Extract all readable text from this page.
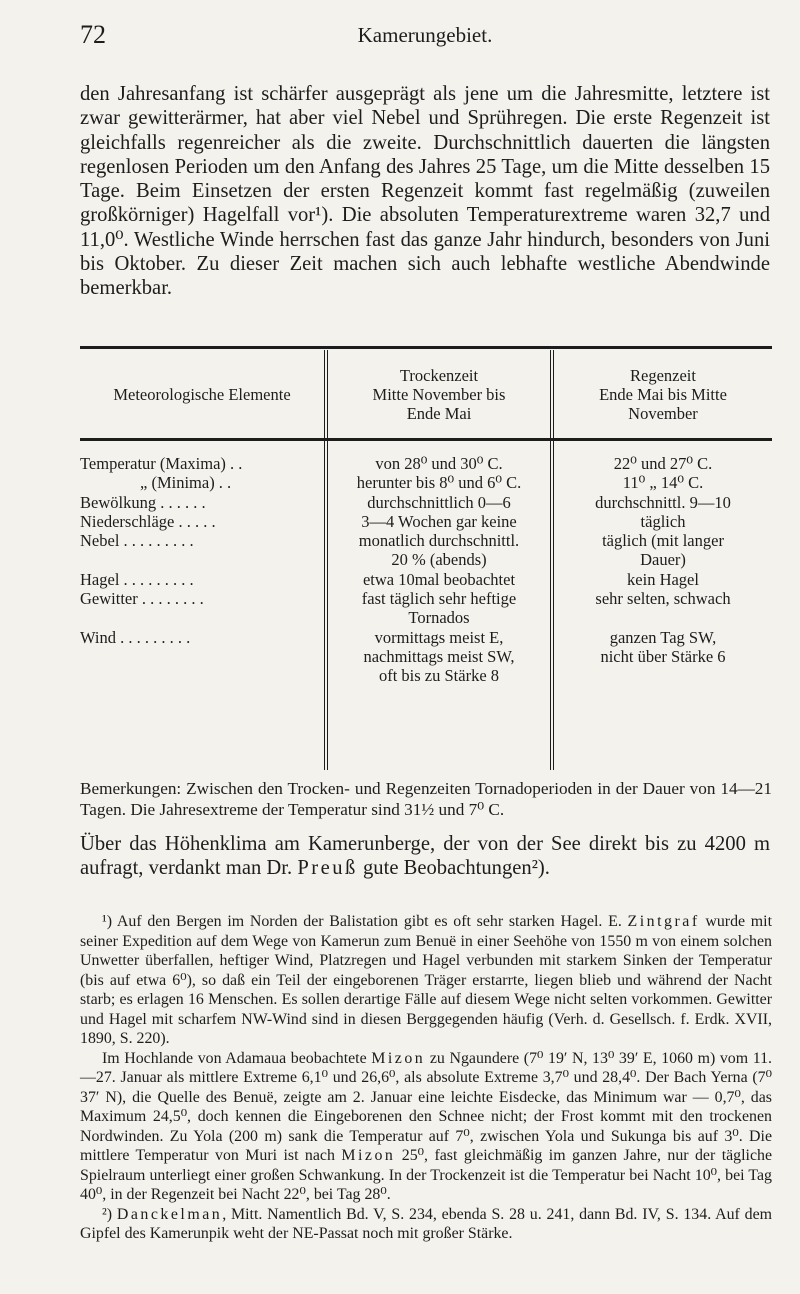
72	Kamerungebiet.

den Jahresanfang ist schärfer ausgeprägt als jene um die Jahresmitte, letztere ist zwar gewitterärmer, hat aber viel Nebel und Sprühregen. Die erste Regenzeit ist gleichfalls regenreicher als die zweite. Durchschnittlich dauerten die längsten regenlosen Perioden um den Anfang des Jahres 25 Tage, um die Mitte desselben 15 Tage. Beim Einsetzen der ersten Regenzeit kommt fast regelmäßig (zuweilen großkörniger) Hagelfall vor¹). Die absoluten Temperaturextreme waren 32,7 und 11,0⁰. Westliche Winde herrschen fast das ganze Jahr hindurch, besonders von Juni bis Oktober. Zu dieser Zeit machen sich auch lebhafte westliche Abendwinde bemerkbar.

Meteorologische Elemente
Trockenzeit
Mitte November bis
Ende Mai
Regenzeit
Ende Mai bis Mitte
November
Temperatur (Maxima) . .
„ (Minima) . .
Bewölkung . . . . . .
Niederschläge . . . . .
Nebel . . . . . . . . .
Hagel . . . . . . . . .
Gewitter . . . . . . . .
Wind . . . . . . . . .
von 28⁰ und 30⁰ C.
herunter bis 8⁰ und 6⁰ C.
durchschnittlich 0—6
3—4 Wochen gar keine
monatlich durchschnittl.
20 % (abends)
etwa 10mal beobachtet
fast täglich sehr heftige
Tornados
vormittags meist E,
nachmittags meist SW,
oft bis zu Stärke 8
22⁰ und 27⁰ C.
11⁰ „ 14⁰ C.
durchschnittl. 9—10
täglich
täglich (mit langer
Dauer)
kein Hagel
sehr selten, schwach
ganzen Tag SW,
nicht über Stärke 6

Bemerkungen: Zwischen den Trocken- und Regenzeiten Tornadoperioden in der Dauer von 14—21 Tagen. Die Jahresextreme der Temperatur sind 31½ und 7⁰ C.

Über das Höhenklima am Kamerunberge, der von der See direkt bis zu 4200 m aufragt, verdankt man Dr. Preuß gute Beobachtungen²).

¹) Auf den Bergen im Norden der Balistation gibt es oft sehr starken Hagel. E. Zintgraf wurde mit seiner Expedition auf dem Wege von Kamerun zum Benuë in einer Seehöhe von 1550 m von einem solchen Unwetter überfallen, heftiger Wind, Platzregen und Hagel verbunden mit starkem Sinken der Temperatur (bis auf etwa 6⁰), so daß ein Teil der eingeborenen Träger erstarrte, liegen blieb und während der Nacht starb; es erlagen 16 Menschen. Es sollen derartige Fälle auf diesem Wege nicht selten vorkommen. Gewitter und Hagel mit scharfem NW-Wind sind in diesen Berggegenden häufig (Verh. d. Gesellsch. f. Erdk. XVII, 1890, S. 220).

Im Hochlande von Adamaua beobachtete Mizon zu Ngaundere (7⁰ 19′ N, 13⁰ 39′ E, 1060 m) vom 11.—27. Januar als mittlere Extreme 6,1⁰ und 26,6⁰, als absolute Extreme 3,7⁰ und 28,4⁰. Der Bach Yerna (7⁰ 37′ N), die Quelle des Benuë, zeigte am 2. Januar eine leichte Eisdecke, das Minimum war — 0,7⁰, das Maximum 24,5⁰, doch kennen die Eingeborenen den Schnee nicht; der Frost kommt mit den trockenen Nordwinden. Zu Yola (200 m) sank die Temperatur auf 7⁰, zwischen Yola und Sukunga bis auf 3⁰. Die mittlere Temperatur von Muri ist nach Mizon 25⁰, fast gleichmäßig im ganzen Jahre, nur der tägliche Spielraum unterliegt einer großen Schwankung. In der Trockenzeit ist die Temperatur bei Nacht 10⁰, bei Tag 40⁰, in der Regenzeit bei Nacht 22⁰, bei Tag 28⁰.

²) Danckelman, Mitt. Namentlich Bd. V, S. 234, ebenda S. 28 u. 241, dann Bd. IV, S. 134. Auf dem Gipfel des Kamerunpik weht der NE-Passat noch mit großer Stärke.
